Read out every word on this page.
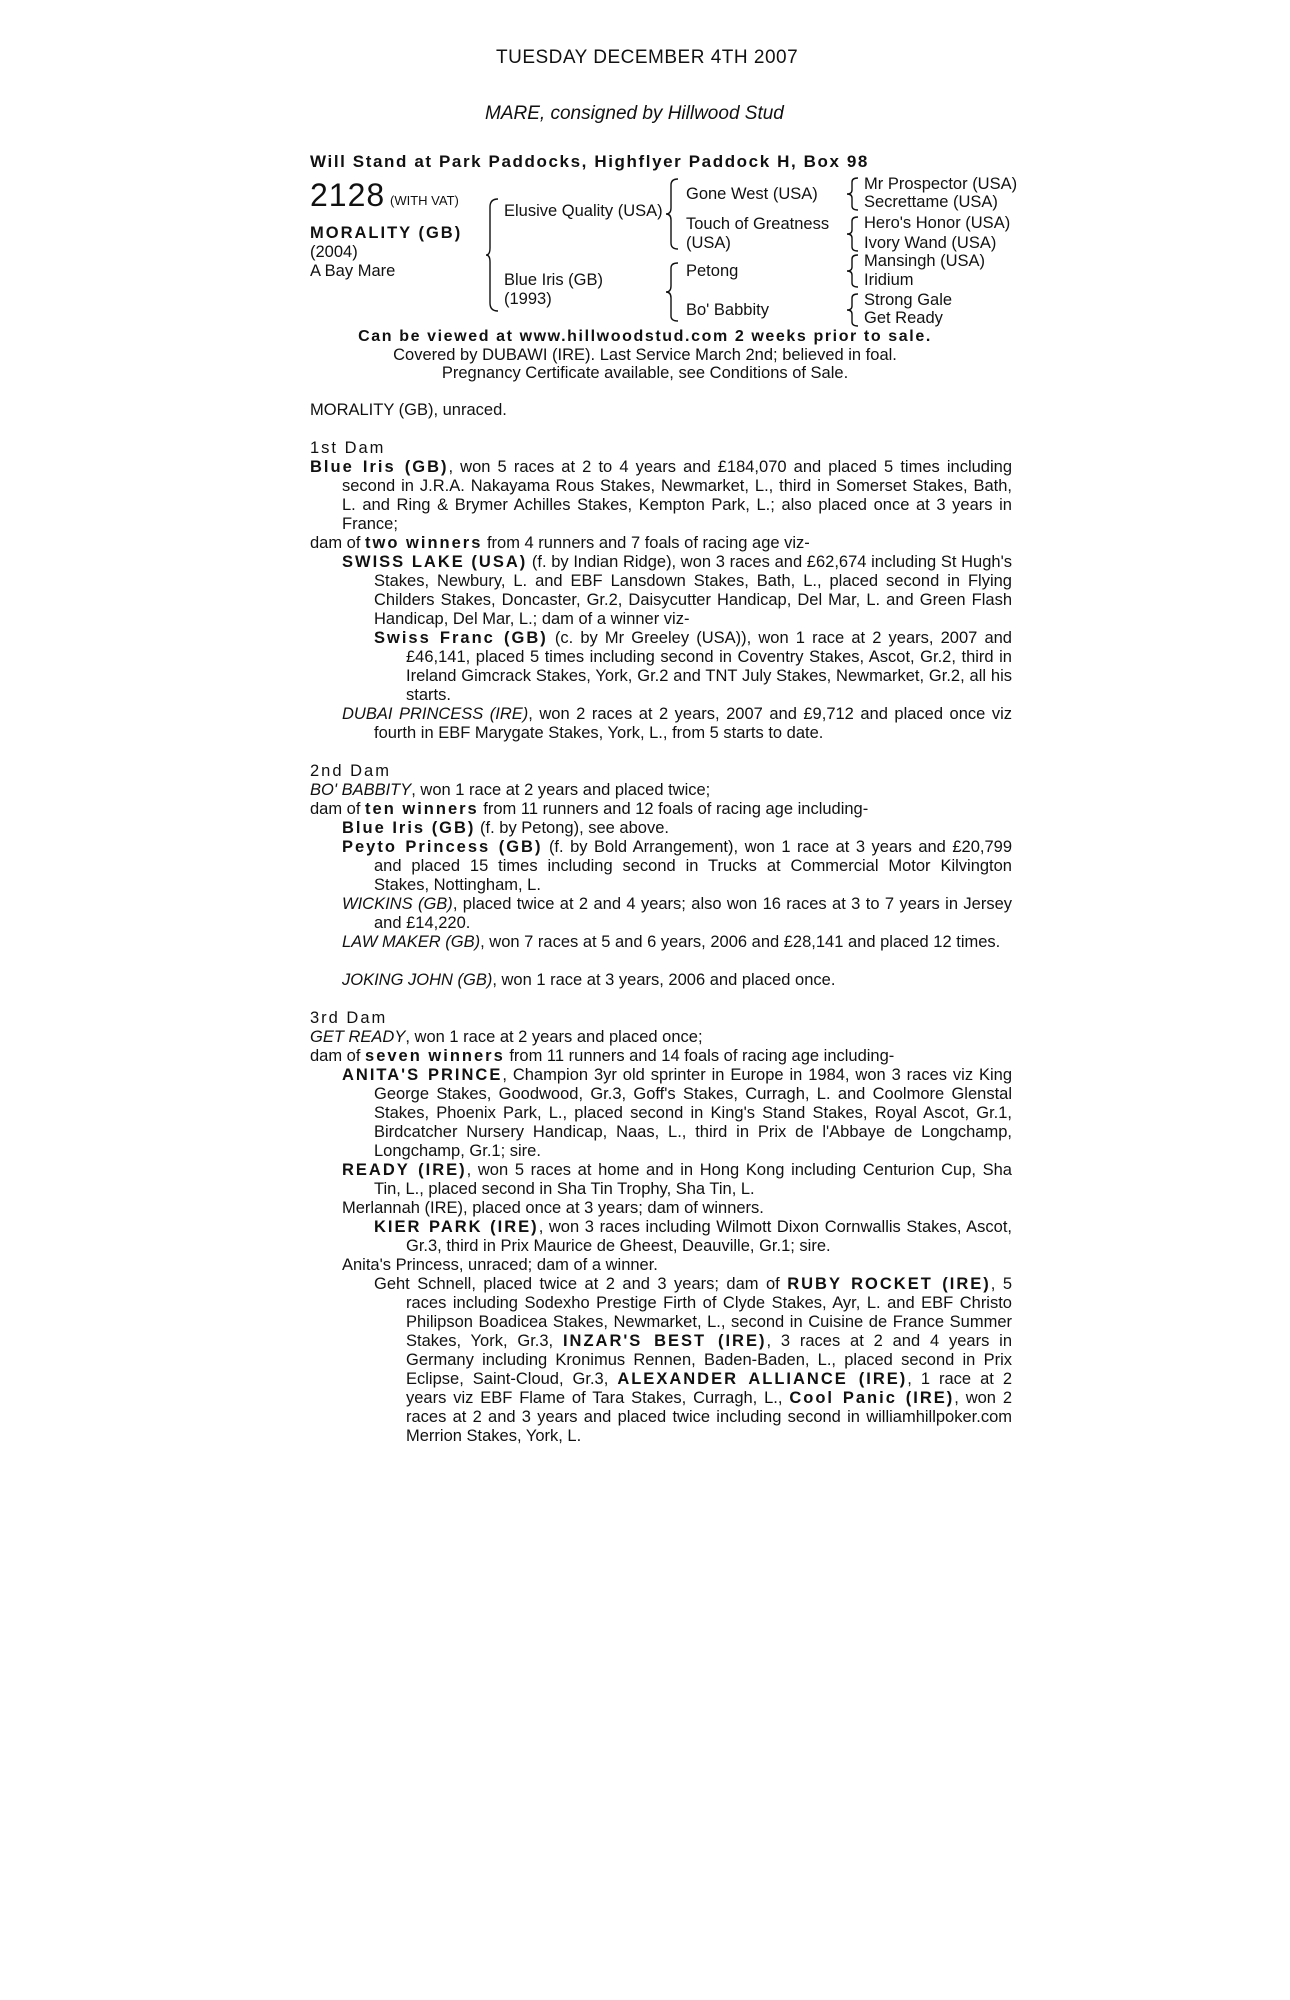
TUESDAY DECEMBER 4TH 2007
MARE, consigned by Hillwood Stud
Will Stand at Park Paddocks, Highflyer Paddock H, Box 98
2128 (WITH VAT)
MORALITY (GB)
(2004)
A Bay Mare
Elusive Quality (USA)
Blue Iris (GB)
(1993)
Gone West (USA)
Touch of Greatness
(USA)
Petong
Bo' Babbity
Mr Prospector (USA)
Secrettame (USA)
Hero's Honor (USA)
Ivory Wand (USA)
Mansingh (USA)
Iridium
Strong Gale
Get Ready
Can be viewed at www.hillwoodstud.com 2 weeks prior to sale.
Covered by DUBAWI (IRE). Last Service March 2nd; believed in foal.
Pregnancy Certificate available, see Conditions of Sale.
MORALITY (GB), unraced.
1st Dam
Blue Iris (GB), won 5 races at 2 to 4 years and £184,070 and placed 5 times including second in J.R.A. Nakayama Rous Stakes, Newmarket, L., third in Somerset Stakes, Bath, L. and Ring & Brymer Achilles Stakes, Kempton Park, L.; also placed once at 3 years in France;
dam of two winners from 4 runners and 7 foals of racing age viz-
SWISS LAKE (USA) (f. by Indian Ridge), won 3 races and £62,674 including St Hugh's Stakes, Newbury, L. and EBF Lansdown Stakes, Bath, L., placed second in Flying Childers Stakes, Doncaster, Gr.2, Daisycutter Handicap, Del Mar, L. and Green Flash Handicap, Del Mar, L.; dam of a winner viz-
Swiss Franc (GB) (c. by Mr Greeley (USA)), won 1 race at 2 years, 2007 and £46,141, placed 5 times including second in Coventry Stakes, Ascot, Gr.2, third in Ireland Gimcrack Stakes, York, Gr.2 and TNT July Stakes, Newmarket, Gr.2, all his starts.
DUBAI PRINCESS (IRE), won 2 races at 2 years, 2007 and £9,712 and placed once viz fourth in EBF Marygate Stakes, York, L., from 5 starts to date.
2nd Dam
BO' BABBITY, won 1 race at 2 years and placed twice;
dam of ten winners from 11 runners and 12 foals of racing age including-
Blue Iris (GB) (f. by Petong), see above.
Peyto Princess (GB) (f. by Bold Arrangement), won 1 race at 3 years and £20,799 and placed 15 times including second in Trucks at Commercial Motor Kilvington Stakes, Nottingham, L.
WICKINS (GB), placed twice at 2 and 4 years; also won 16 races at 3 to 7 years in Jersey and £14,220.
LAW MAKER (GB), won 7 races at 5 and 6 years, 2006 and £28,141 and placed 12 times.
JOKING JOHN (GB), won 1 race at 3 years, 2006 and placed once.
3rd Dam
GET READY, won 1 race at 2 years and placed once;
dam of seven winners from 11 runners and 14 foals of racing age including-
ANITA'S PRINCE, Champion 3yr old sprinter in Europe in 1984, won 3 races viz King George Stakes, Goodwood, Gr.3, Goff's Stakes, Curragh, L. and Coolmore Glenstal Stakes, Phoenix Park, L., placed second in King's Stand Stakes, Royal Ascot, Gr.1, Birdcatcher Nursery Handicap, Naas, L., third in Prix de l'Abbaye de Longchamp, Longchamp, Gr.1; sire.
READY (IRE), won 5 races at home and in Hong Kong including Centurion Cup, Sha Tin, L., placed second in Sha Tin Trophy, Sha Tin, L.
Merlannah (IRE), placed once at 3 years; dam of winners.
KIER PARK (IRE), won 3 races including Wilmott Dixon Cornwallis Stakes, Ascot, Gr.3, third in Prix Maurice de Gheest, Deauville, Gr.1; sire.
Anita's Princess, unraced; dam of a winner.
Geht Schnell, placed twice at 2 and 3 years; dam of RUBY ROCKET (IRE), 5 races including Sodexho Prestige Firth of Clyde Stakes, Ayr, L. and EBF Christo Philipson Boadicea Stakes, Newmarket, L., second in Cuisine de France Summer Stakes, York, Gr.3, INZAR'S BEST (IRE), 3 races at 2 and 4 years in Germany including Kronimus Rennen, Baden-Baden, L., placed second in Prix Eclipse, Saint-Cloud, Gr.3, ALEXANDER ALLIANCE (IRE), 1 race at 2 years viz EBF Flame of Tara Stakes, Curragh, L., Cool Panic (IRE), won 2 races at 2 and 3 years and placed twice including second in williamhillpoker.com Merrion Stakes, York, L.
